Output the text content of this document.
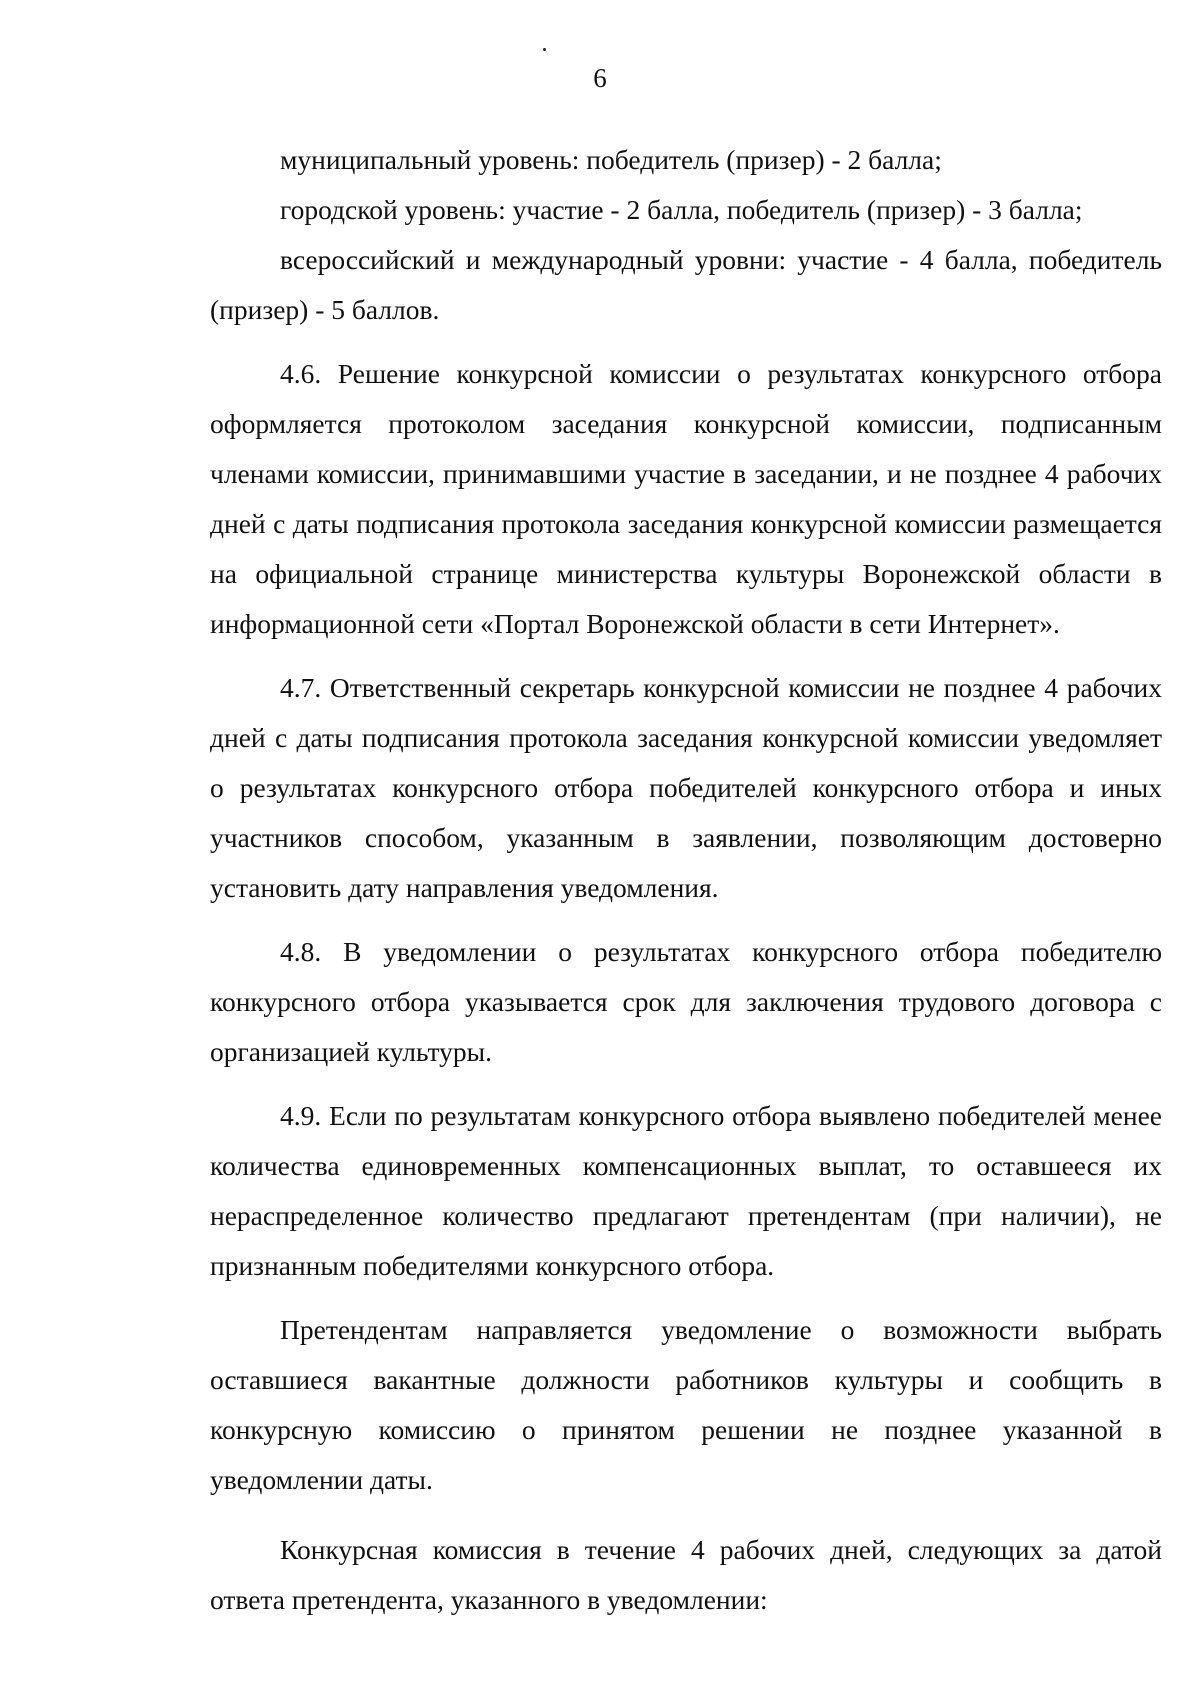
6

муниципальный уровень: победитель (призер) - 2 балла;

городской уровень: участие - 2 балла, победитель (призер) - 3 балла;

всероссийский и международный уровни: участие - 4 балла, победитель (призер) - 5 баллов.

4.6. Решение конкурсной комиссии о результатах конкурсного отбора оформляется протоколом заседания конкурсной комиссии, подписанным членами комиссии, принимавшими участие в заседании, и не позднее 4 рабочих дней с даты подписания протокола заседания конкурсной комиссии размещается на официальной странице министерства культуры Воронежской области в информационной сети «Портал Воронежской области в сети Интернет».

4.7. Ответственный секретарь конкурсной комиссии не позднее 4 рабочих дней с даты подписания протокола заседания конкурсной комиссии уведомляет о результатах конкурсного отбора победителей конкурсного отбора и иных участников способом, указанным в заявлении, позволяющим достоверно установить дату направления уведомления.

4.8. В уведомлении о результатах конкурсного отбора победителю конкурсного отбора указывается срок для заключения трудового договора с организацией культуры.

4.9. Если по результатам конкурсного отбора выявлено победителей менее количества единовременных компенсационных выплат, то оставшееся их нераспределенное количество предлагают претендентам (при наличии), не признанным победителями конкурсного отбора.

Претендентам направляется уведомление о возможности выбрать оставшиеся вакантные должности работников культуры и сообщить в конкурсную комиссию о принятом решении не позднее указанной в уведомлении даты.

Конкурсная комиссия в течение 4 рабочих дней, следующих за датой ответа претендента, указанного в уведомлении:
